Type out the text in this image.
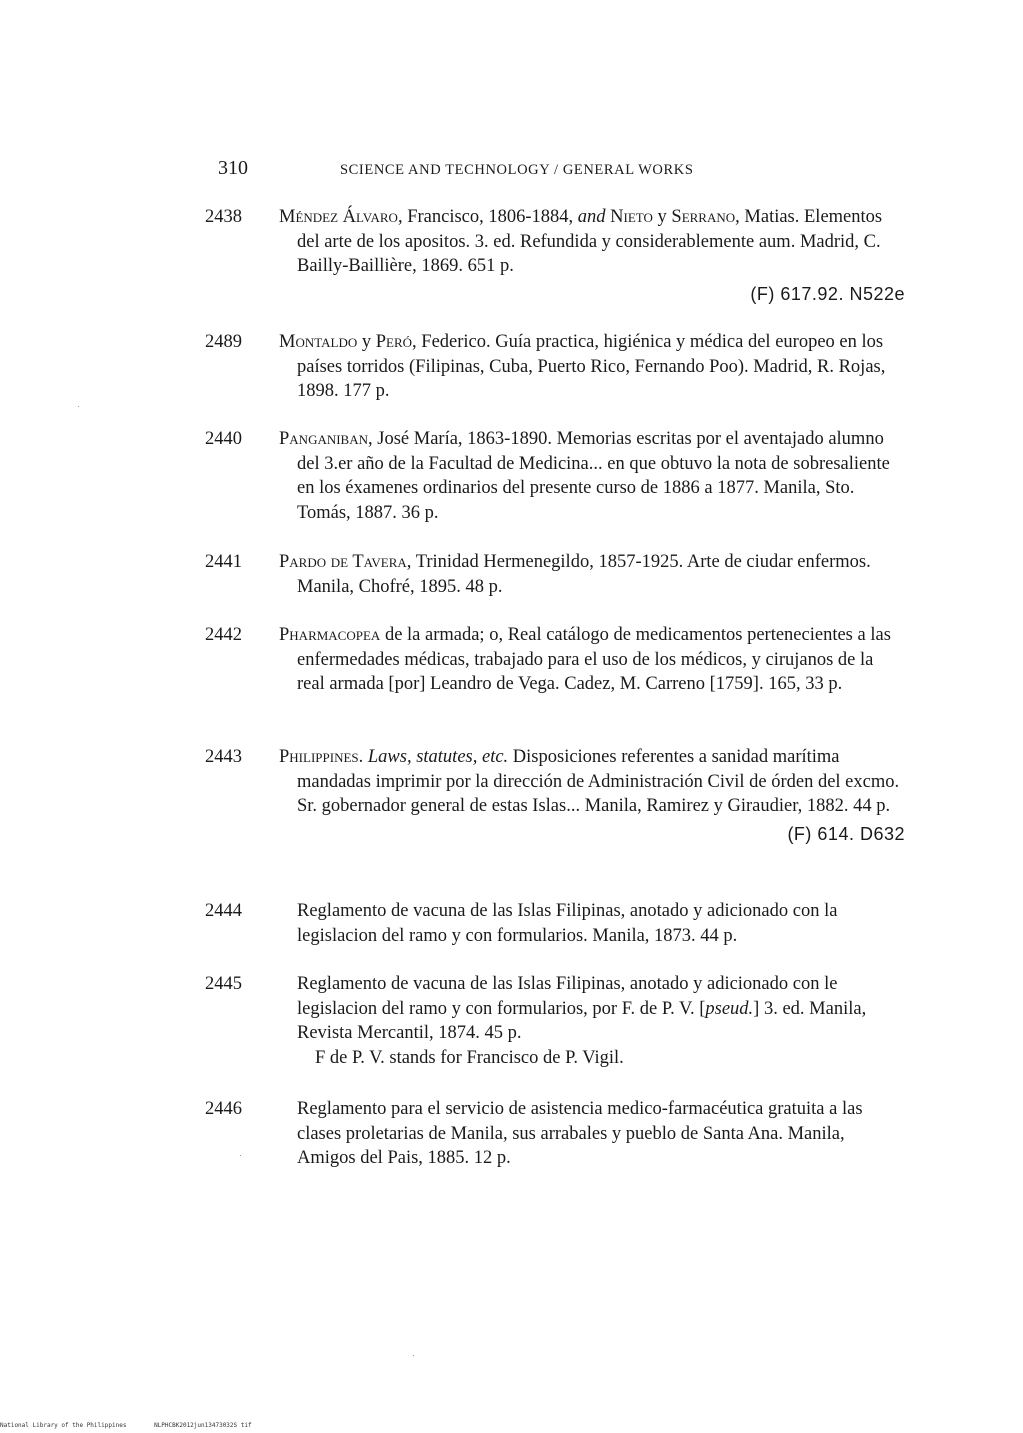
310	SCIENCE AND TECHNOLOGY / GENERAL WORKS
2438	Méndez Álvaro, Francisco, 1806-1884, and Nieto y Serrano, Matias. Elementos del arte de los apositos. 3. ed. Refundida y considerablemente aum. Madrid, C. Bailly-Baillière, 1869. 651 p.
(F) 617.92. N522e
2489	Montaldo y Peró, Federico. Guía practica, higiénica y médica del europeo en los países torridos (Filipinas, Cuba, Puerto Rico, Fernando Poo). Madrid, R. Rojas, 1898. 177 p.
2440	Panganiban, José María, 1863-1890. Memorias escritas por el aventajado alumno del 3.er año de la Facultad de Medicina... en que obtuvo la nota de sobresaliente en los éxamenes ordinarios del presente curso de 1886 a 1877. Manila, Sto. Tomás, 1887. 36 p.
2441	Pardo de Tavera, Trinidad Hermenegildo, 1857-1925. Arte de ciudar enfermos. Manila, Chofré, 1895. 48 p.
2442	Pharmacopea de la armada; o, Real catálogo de medicamentos pertenecientes a las enfermedades médicas, trabajado para el uso de los médicos, y cirujanos de la real armada [por] Leandro de Vega. Cadez, M. Carreno [1759]. 165, 33 p.
2443	Philippines. Laws, statutes, etc. Disposiciones referentes a sanidad marítima mandadas imprimir por la dirección de Administración Civil de órden del excmo. Sr. gobernador general de estas Islas... Manila, Ramirez y Giraudier, 1882. 44 p.
(F) 614. D632
2444	Reglamento de vacuna de las Islas Filipinas, anotado y adicionado con la legislacion del ramo y con formularios. Manila, 1873. 44 p.
2445	Reglamento de vacuna de las Islas Filipinas, anotado y adicionado con le legislacion del ramo y con formularios, por F. de P. V. [pseud.] 3. ed. Manila, Revista Mercantil, 1874. 45 p.
F de P. V. stands for Francisco de P. Vigil.
2446	Reglamento para el servicio de asistencia medico-farmacéutica gratuita a las clases proletarias de Manila, sus arrabales y pueblo de Santa Ana. Manila, Amigos del Pais, 1885. 12 p.
National Library of the Philippines	NLPHCBK2012jun13473032S tif
